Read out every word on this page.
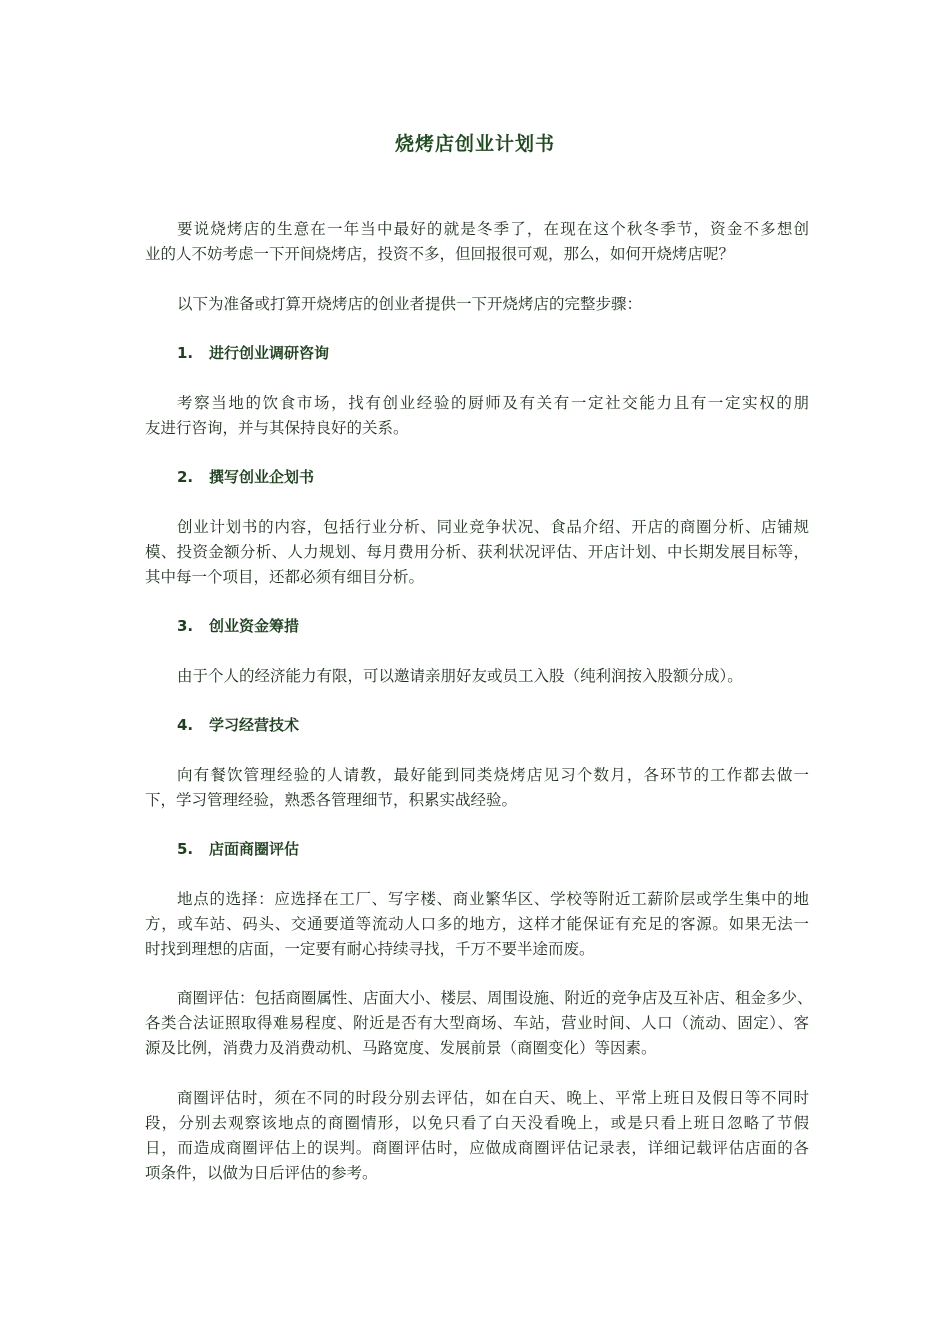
烧烤店创业计划书
要说烧烤店的生意在一年当中最好的就是冬季了，在现在这个秋冬季节，资金不多想创
业的人不妨考虑一下开间烧烤店，投资不多，但回报很可观，那么，如何开烧烤店呢？
以下为准备或打算开烧烤店的创业者提供一下开烧烤店的完整步骤：
1. 进行创业调研咨询
考察当地的饮食市场，找有创业经验的厨师及有关有一定社交能力且有一定实权的朋
友进行咨询，并与其保持良好的关系。
2. 撰写创业企划书
创业计划书的内容，包括行业分析、同业竞争状况、食品介绍、开店的商圈分析、店铺规
模、投资金额分析、人力规划、每月费用分析、获利状况评估、开店计划、中长期发展目标等，
其中每一个项目，还都必须有细目分析。
3. 创业资金筹措
由于个人的经济能力有限，可以邀请亲朋好友或员工入股（纯利润按入股额分成）。
4. 学习经营技术
向有餐饮管理经验的人请教，最好能到同类烧烤店见习个数月，各环节的工作都去做一
下，学习管理经验，熟悉各管理细节，积累实战经验。
5. 店面商圈评估
地点的选择：应选择在工厂、写字楼、商业繁华区、学校等附近工薪阶层或学生集中的地
方，或车站、码头、交通要道等流动人口多的地方，这样才能保证有充足的客源。如果无法一
时找到理想的店面，一定要有耐心持续寻找，千万不要半途而废。
商圈评估：包括商圈属性、店面大小、楼层、周围设施、附近的竞争店及互补店、租金多少、
各类合法证照取得难易程度、附近是否有大型商场、车站，营业时间、人口（流动、固定）、客
源及比例，消费力及消费动机、马路宽度、发展前景（商圈变化）等因素。
商圈评估时，须在不同的时段分别去评估，如在白天、晚上、平常上班日及假日等不同时
段，分别去观察该地点的商圈情形，以免只看了白天没看晚上，或是只看上班日忽略了节假
日，而造成商圈评估上的误判。商圈评估时，应做成商圈评估记录表，详细记载评估店面的各
项条件，以做为日后评估的参考。
